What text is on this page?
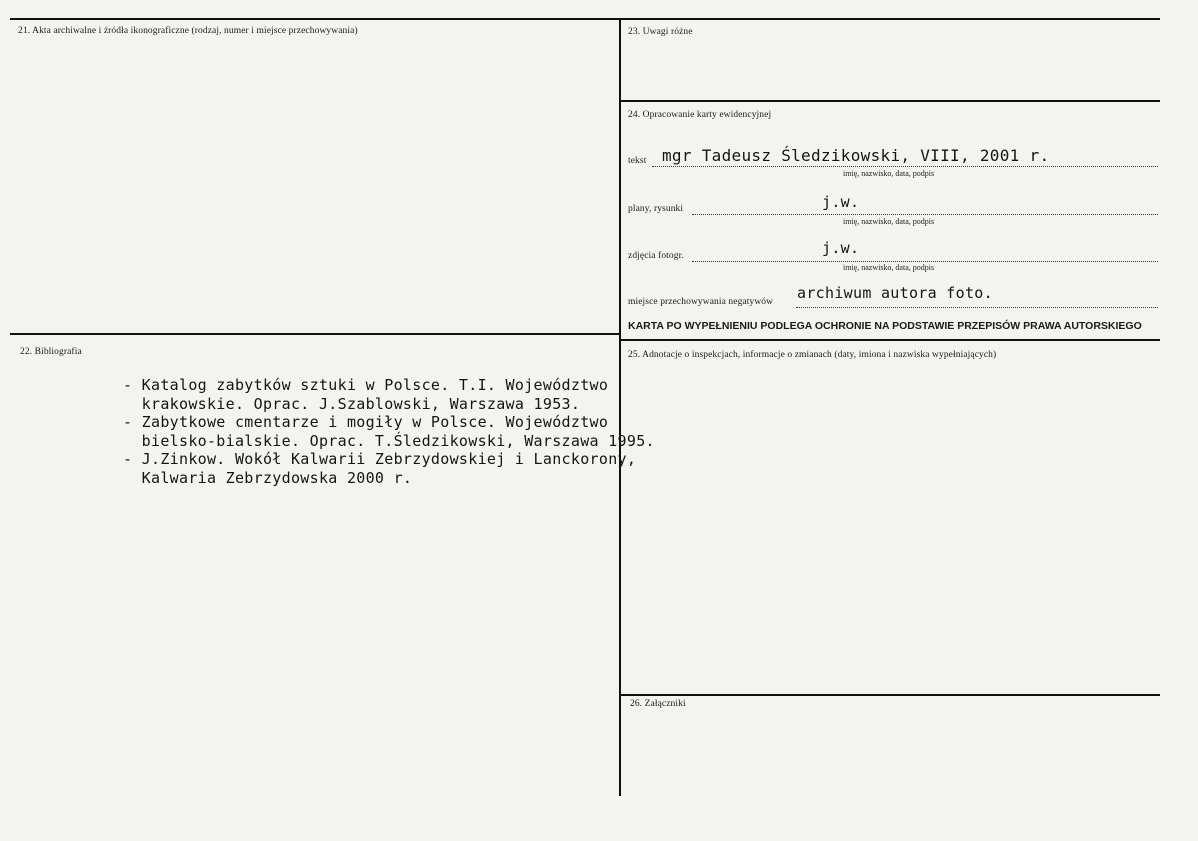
21. Akta archiwalne i źródła ikonograficzne (rodzaj, numer i miejsce przechowywania)
22. Bibliografia
- Katalog zabytków sztuki w Polsce. T.I. Województwo
krakowskie. Oprac. J.Szablowski, Warszawa 1953.
- Zabytkowe cmentarze i mogiły w Polsce. Województwo
bielsko-bialskie. Oprac. T.Śledzikowski, Warszawa 1995.
- J.Zinkow. Wokół Kalwarii Zebrzydowskiej i Lanckorony,
Kalwaria Zebrzydowska 2000 r.
23. Uwagi różne
24. Opracowanie karty ewidencyjnej
tekst mgr Tadeusz Śledzikowski, VIII, 2001 r.
imię, nazwisko, data, podpis
plany, rysunki	j.w.
imię, nazwisko, data, podpis
zdjęcia fotogr.	j.w.
imię, nazwisko, data, podpis
miejsce przechowywania negatywów archiwum autora foto.
KARTA PO WYPEŁNIENIU PODLEGA OCHRONIE NA PODSTAWIE PRZEPISÓW PRAWA AUTORSKIEGO
25. Adnotacje o inspekcjach, informacje o zmianach (daty, imiona i nazwiska wypełniających)
26. Załączniki
